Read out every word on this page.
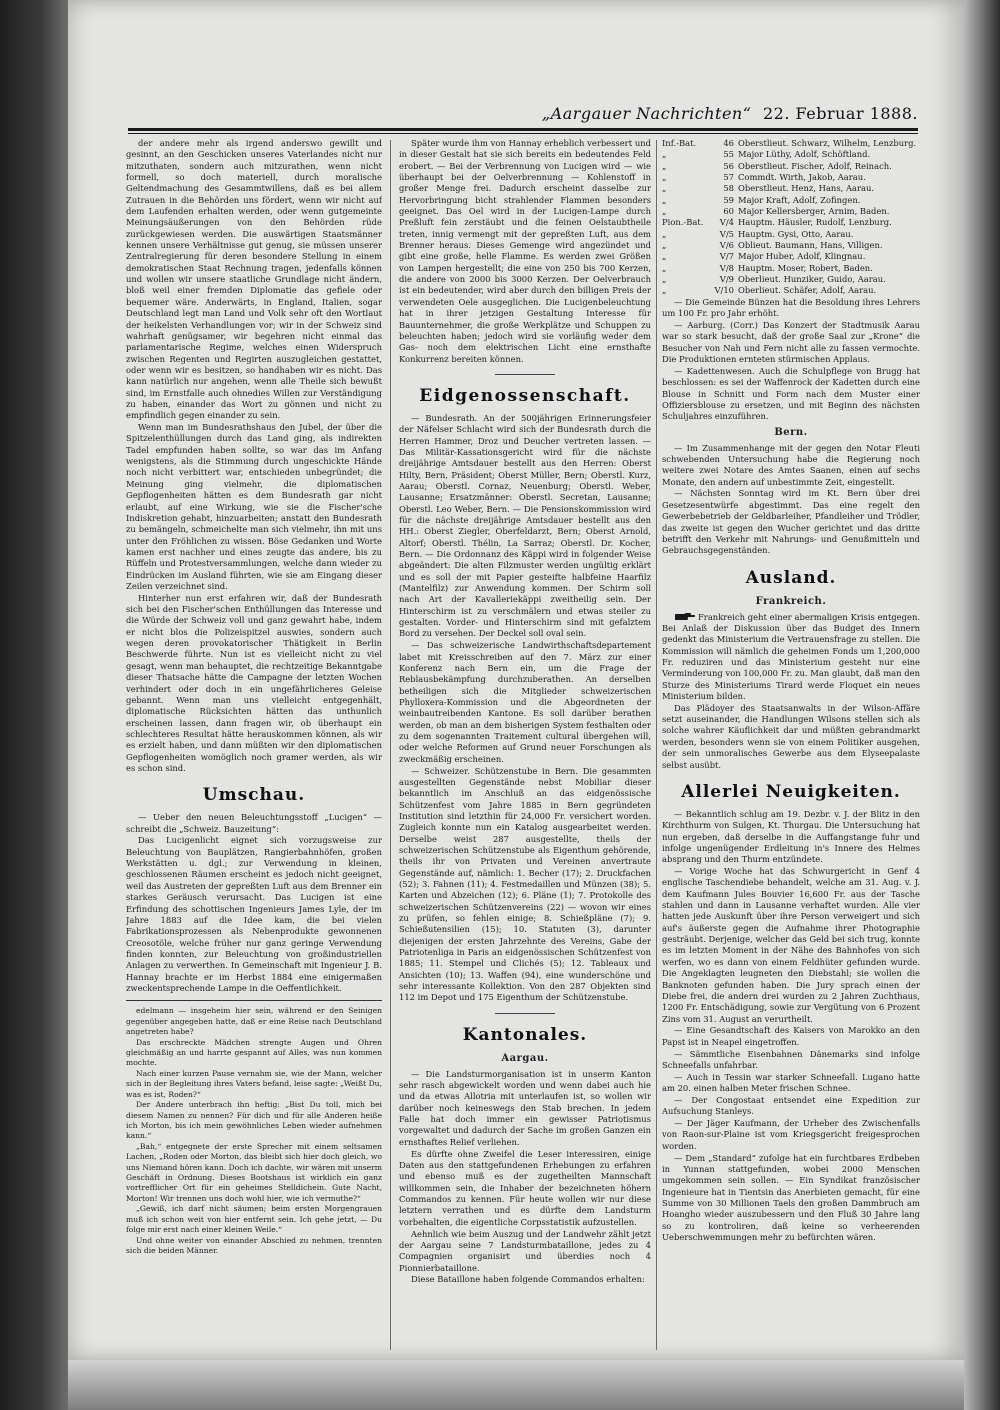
„Aargauer Nachrichten“ 22. Februar 1888.

der andere mehr als irgend anderswo gewillt und gesinnt, an den Geschicken unseres Vaterlandes nicht nur mitzuthaten, sondern auch mitzurathen, wenn nicht formell, so doch materiell, durch moralische Geltendmachung des Gesammtwillens, daß es bei allem Zutrauen in die Behörden uns fördert, wenn wir nicht auf dem Laufenden erhalten werden, oder wenn gutgemeinte Meinungsäußerungen von den Behörden rüde zurückgewiesen werden. Die auswärtigen Staatsmänner kennen unsere Verhältnisse gut genug, sie müssen unserer Zentralregierung für deren besondere Stellung in einem demokratischen Staat Rechnung tragen, jedenfalls können und wollen wir unsere staatliche Grundlage nicht ändern, bloß weil einer fremden Diplomatie das gefiele oder bequemer wäre. Anderwärts, in England, Italien, sogar Deutschland legt man Land und Volk sehr oft den Wortlaut der heikelsten Verhandlungen vor; wir in der Schweiz sind wahrhaft genügsamer, wir begehren nicht einmal das parlamentarische Regime, welches einen Widerspruch zwischen Regenten und Regirten auszugleichen gestattet, oder wenn wir es besitzen, so handhaben wir es nicht. Das kann natürlich nur angehen, wenn alle Theile sich bewußt sind, im Ernstfalle auch ohnedies Willen zur Verständigung zu haben, einander das Wort zu gönnen und nicht zu empfindlich gegen einander zu sein.

Wenn man im Bundesrathshaus den Jubel, der über die Spitzelenthüllungen durch das Land ging, als indirekten Tadel empfunden haben sollte, so war das im Anfang wenigstens, als die Stimmung durch ungeschickte Hände noch nicht verbittert war, entschieden unbegründet; die Meinung ging vielmehr, die diplomatischen Gepflogenheiten hätten es dem Bundesrath gar nicht erlaubt, auf eine Wirkung, wie sie die Fischer'sche Indiskretion gehabt, hinzuarbeiten; anstatt den Bundesrath zu bemängeln, schmeichelte man sich vielmehr, ihn mit uns unter den Fröhlichen zu wissen. Böse Gedanken und Worte kamen erst nachher und eines zeugte das andere, bis zu Rüffeln und Protestversammlungen, welche dann wieder zu Eindrücken im Ausland führten, wie sie am Eingang dieser Zeilen verzeichnet sind.

Hinterher nun erst erfahren wir, daß der Bundesrath sich bei den Fischer'schen Enthüllungen das Interesse und die Würde der Schweiz voll und ganz gewahrt habe, indem er nicht blos die Polizeispitzel auswies, sondern auch wegen deren provokatorischer Thätigkeit in Berlin Beschwerde führte. Nun ist es vielleicht nicht zu viel gesagt, wenn man behauptet, die rechtzeitige Bekanntgabe dieser Thatsache hätte die Campagne der letzten Wochen verhindert oder doch in ein ungefährlicheres Geleise gebannt. Wenn man uns vielleicht entgegenhält, diplomatische Rücksichten hätten das unthunlich erscheinen lassen, dann fragen wir, ob überhaupt ein schlechteres Resultat hätte herauskommen können, als wir es erzielt haben, und dann müßten wir den diplomatischen Gepflogenheiten womöglich noch gramer werden, als wir es schon sind.

Umschau.

— Ueber den neuen Beleuchtungsstoff „Lucigen“ — schreibt die „Schweiz. Bauzeitung“:

Das Lucigenlicht eignet sich vorzugsweise zur Beleuchtung von Bauplätzen, Rangierbahnhöfen, großen Werkstätten u. dgl.; zur Verwendung in kleinen, geschlossenen Räumen erscheint es jedoch nicht geeignet, weil das Austreten der gepreßten Luft aus dem Brenner ein starkes Geräusch verursacht. Das Lucigen ist eine Erfindung des schottischen Ingenieurs James Lyle, der im Jahre 1883 auf die Idee kam, die bei vielen Fabrikationsprozessen als Nebenprodukte gewonnenen Creosotöle, welche früher nur ganz geringe Verwendung finden konnten, zur Beleuchtung von großindustriellen Anlagen zu verwerthen. In Gemeinschaft mit Ingenieur J. B. Hannay brachte er im Herbst 1884 eine einigermaßen zweckentsprechende Lampe in die Oeffentlichkeit.

edelmann — insgeheim hier sein, während er den Seinigen gegenüber angegeben hatte, daß er eine Reise nach Deutschland angetreten habe?

Das erschreckte Mädchen strengte Augen und Ohren gleichmäßig an und harrte gespannt auf Alles, was nun kommen mochte.

Nach einer kurzen Pause vernahm sie, wie der Mann, welcher sich in der Begleitung ihres Vaters befand, leise sagte: „Weißt Du, was es ist, Roden?“

Der Andere unterbrach ihn heftig: „Bist Du toll, mich bei diesem Namen zu nennen? Für dich und für alle Anderen heiße ich Morton, bis ich mein gewöhnliches Leben wieder aufnehmen kann.“

„Bah,“ entgegnete der erste Sprecher mit einem seltsamen Lachen, „Roden oder Morton, das bleibt sich hier doch gleich, wo uns Niemand hören kann. Doch ich dachte, wir wären mit unserm Geschäft in Ordnung. Dieses Bootshaus ist wirklich ein ganz vortrefflicher Ort für ein geheimes Stelldichein. Gute Nacht, Morton! Wir trennen uns doch wohl hier, wie ich vermuthe?“

„Gewiß, ich darf nicht säumen; beim ersten Morgengrauen muß ich schon weit von hier entfernt sein. Ich gehe jetzt, — Du folge mir erst nach einer kleinen Weile.“

Und ohne weiter von einander Abschied zu nehmen, trennten sich die beiden Männer.

Später wurde ihm von Hannay erheblich verbessert und in dieser Gestalt hat sie sich bereits ein bedeutendes Feld erobert. — Bei der Verbrennung von Lucigen wird — wie überhaupt bei der Oelverbrennung — Kohlenstoff in großer Menge frei. Dadurch erscheint dasselbe zur Hervorbringung bicht strahlender Flammen besonders geeignet. Das Oel wird in der Lucigen-Lampe durch Preßluft fein zerstäubt und die feinen Oelstaubtheile treten, innig vermengt mit der gepreßten Luft, aus dem Brenner heraus. Dieses Gemenge wird angezündet und gibt eine große, helle Flamme. Es werden zwei Größen von Lampen hergestellt; die eine von 250 bis 700 Kerzen, die andere von 2000 bis 3000 Kerzen. Der Oelverbrauch ist ein bedeutender, wird aber durch den billigen Preis der verwendeten Oele ausgeglichen. Die Lucigenbeleuchtung hat in ihrer jetzigen Gestaltung Interesse für Bauunternehmer, die große Werkplätze und Schuppen zu beleuchten haben; jedoch wird sie vorläufig weder dem Gas- noch dem elektrischen Licht eine ernsthafte Konkurrenz bereiten können.

Eidgenossenschaft.

— Bundesrath. An der 500jährigen Erinnerungsfeier der Näfelser Schlacht wird sich der Bundesrath durch die Herren Hammer, Droz und Deucher vertreten lassen. — Das Militär-Kassationsgericht wird für die nächste dreijährige Amtsdauer bestellt aus den Herren: Oberst Hilty, Bern, Präsident; Oberst Müller, Bern; Oberstl. Kurz, Aarau; Oberstl. Cornaz, Neuenburg; Oberstl. Weber, Lausanne; Ersatzmänner: Oberstl. Secretan, Lausanne; Oberstl. Leo Weber, Bern. — Die Pensionskommission wird für die nächste dreijährige Amtsdauer bestellt aus den HH.: Oberst Ziegler, Oberfeldarzt, Bern; Oberst Arnold, Altorf; Oberstl. Thélin, La Sarraz; Oberstl. Dr. Kocher, Bern. — Die Ordonnanz des Käppi wird in folgender Weise abgeändert: Die alten Filzmuster werden ungültig erklärt und es soll der mit Papier gesteifte halbfeine Haarfilz (Mantelfilz) zur Anwendung kommen. Der Schirm soll nach Art der Kavalleriekäppi zweitheilig sein. Der Hinterschirm ist zu verschmälern und etwas steiler zu gestalten. Vorder- und Hinterschirm sind mit gefalztem Bord zu versehen. Der Deckel soll oval sein.

— Das schweizerische Landwirthschaftsdepartement labet mit Kreisschreiben auf den 7. März zur einer Konferenz nach Bern ein, um die Frage der Reblausbekämpfung durchzuberathen. An derselben betheiligen sich die Mitglieder schweizerischen Phylloxera-Kommission und die Abgeordneten der weinbautreibenden Kantone. Es soll darüber berathen werden, ob man an dem bisherigen System festhalten oder zu dem sogenannten Traitement cultural übergehen will, oder welche Reformen auf Grund neuer Forschungen als zweckmäßig erscheinen.

— Schweizer. Schützenstube in Bern. Die gesammten ausgestellten Gegenstände nebst Mobiliar dieser bekanntlich im Anschluß an das eidgenössische Schützenfest vom Jahre 1885 in Bern gegründeten Institution sind letzthin für 24,000 Fr. versichert worden. Zugleich konnte nun ein Katalog ausgearbeitet werden. Derselbe weist 287 ausgestellte, theils der schweizerischen Schützenstube als Eigenthum gehörende, theils ihr von Privaten und Vereinen anvertraute Gegenstände auf, nämlich: 1. Becher (17); 2. Druckfachen (52); 3. Fahnen (11); 4. Festmedaillen und Münzen (38); 5. Karten und Abzeichen (12); 6. Pläne (1); 7. Protokolle des schweizerischen Schützenvereins (22) — wovon wir eines zu prüfen, so fehlen einige; 8. Schießpläne (7); 9. Schießutensilien (15); 10. Statuten (3), darunter diejenigen der ersten Jahrzehnte des Vereins, Gabe der Patriotenliga in Paris an eidgenössischen Schützenfest von 1885; 11. Stempel und Clichés (5); 12. Tableaux und Ansichten (10); 13. Waffen (94), eine wunderschöne und sehr interessante Kollektion. Von den 287 Objekten sind 112 im Depot und 175 Eigenthum der Schützenstube.

Kantonales.
Aargau.

— Die Landsturmorganisation ist in unserm Kanton sehr rasch abgewickelt worden und wenn dabei auch hie und da etwas Allotria mit unterlaufen ist, so wollen wir darüber noch keineswegs den Stab brechen. In jedem Falle hat doch immer ein gewisser Patriotismus vorgewaltet und dadurch der Sache im großen Ganzen ein ernsthaftes Relief verliehen.

Es dürfte ohne Zweifel die Leser interessiren, einige Daten aus den stattgefundenen Erhebungen zu erfahren und ebenso muß es der zugetheilten Mannschaft willkommen sein, die Inhaber der bezeichneten höhern Commandos zu kennen. Für heute wollen wir nur diese letztern verrathen und es dürfte dem Landsturm vorbehalten, die eigentliche Corpsstatistik aufzustellen.

Aehnlich wie beim Auszug und der Landwehr zählt jetzt der Aargau seine 7 Landsturmbataillone, jedes zu 4 Compagnien organisirt und überdies noch 4 Pionnierbataillone.

Diese Bataillone haben folgende Commandos erhalten:

Inf.-Bat.	46 Oberstlieut. Schwarz, Wilhelm, Lenzburg.
„	55 Major Lüthy, Adolf, Schöftland.
„	56 Oberstlieut. Fischer, Adolf, Reinach.
„	57 Commdt. Wirth, Jakob, Aarau.
„	58 Oberstlieut. Henz, Hans, Aarau.
„	59 Major Kraft, Adolf, Zofingen.
„	60 Major Kellersberger, Arnim, Baden.
Pion.-Bat.	V/4 Hauptm. Häusler, Rudolf, Lenzburg.
„	V/5 Hauptm. Gysi, Otto, Aarau.
„	V/6 Oblieut. Baumann, Hans, Villigen.
„	V/7 Major Huber, Adolf, Klingnau.
„	V/8 Hauptm. Moser, Robert, Baden.
„	V/9 Oberlieut. Hunziker, Guido, Aarau.
„	V/10 Oberlieut. Schäfer, Adolf, Aarau.

— Die Gemeinde Bünzen hat die Besoldung ihres Lehrers um 100 Fr. pro Jahr erhöht.

— Aarburg. (Corr.) Das Konzert der Stadtmusik Aarau war so stark besucht, daß der große Saal zur „Krone“ die Besucher von Nah und Fern nicht alle zu fassen vermochte. Die Produktionen ernteten stürmischen Applaus.

— Kadettenwesen. Auch die Schulpflege von Brugg hat beschlossen: es sei der Waffenrock der Kadetten durch eine Blouse in Schnitt und Form nach dem Muster einer Offiziersblouse zu ersetzen, und mit Beginn des nächsten Schuljahres einzuführen.

Bern.

— Im Zusammenhange mit der gegen den Notar Fleuti schwebenden Untersuchung habe die Regierung noch weitere zwei Notare des Amtes Saanen, einen auf sechs Monate, den andern auf unbestimmte Zeit, eingestellt.

— Nächsten Sonntag wird im Kt. Bern über drei Gesetzesentwürfe abgestimmt. Das eine regelt den Gewerbebetrieb der Geldbarleiher, Pfandleiher und Trödler, das zweite ist gegen den Wucher gerichtet und das dritte betrifft den Verkehr mit Nahrungs- und Genußmitteln und Gebrauchsgegenständen.

Ausland.
Frankreich.

Frankreich geht einer abermaligen Krisis entgegen. Bei Anlaß der Diskussion über das Budget des Innern gedenkt das Ministerium die Vertrauensfrage zu stellen. Die Kommission will nämlich die geheimen Fonds um 1,200,000 Fr. reduziren und das Ministerium gesteht nur eine Verminderung von 100,000 Fr. zu. Man glaubt, daß man den Sturze des Ministeriums Tirard werde Floquet ein neues Ministerium bilden.

Das Plädoyer des Staatsanwalts in der Wilson-Affäre setzt auseinander, die Handlungen Wilsons stellen sich als solche wahrer Käuflichkeit dar und müßten gebrandmarkt werden, besonders wenn sie von einem Politiker ausgehen, der sein unmoralisches Gewerbe aus dem Elyseepalaste selbst ausübt.

Allerlei Neuigkeiten.

— Bekanntlich schlug am 19. Dezbr. v. J. der Blitz in den Kirchthurm von Sulgen, Kt. Thurgau. Die Untersuchung hat nun ergeben, daß derselbe in die Auffangstange fuhr und infolge ungenügender Erdleitung in's Innere des Helmes absprang und den Thurm entzündete.

— Vorige Woche hat das Schwurgericht in Genf 4 englische Taschendiebe behandelt, welche am 31. Aug. v. J. dem Kaufmann Jules Bouvier 16,600 Fr. aus der Tasche stahlen und dann in Lausanne verhaftet wurden. Alle vier hatten jede Auskunft über ihre Person verweigert und sich auf's äußerste gegen die Aufnahme ihrer Photographie gesträubt. Derjenige, welcher das Geld bei sich trug, konnte es im letzten Moment in der Nähe des Bahnhofes von sich werfen, wo es dann von einem Feldhüter gefunden wurde. Die Angeklagten leugneten den Diebstahl; sie wollen die Banknoten gefunden haben. Die Jury sprach einen der Diebe frei, die andern drei wurden zu 2 Jahren Zuchthaus, 1200 Fr. Entschädigung, sowie zur Vergütung von 6 Prozent Zins vom 31. August an verurtheilt.

— Eine Gesandtschaft des Kaisers von Marokko an den Papst ist in Neapel eingetroffen.

— Sämmtliche Eisenbahnen Dänemarks sind infolge Schneefalls unfahrbar.

— Auch in Tessin war starker Schneefall. Lugano hatte am 20. einen halben Meter frischen Schnee.

— Der Congostaat entsendet eine Expedition zur Aufsuchung Stanleys.

— Der Jäger Kaufmann, der Urheber des Zwischenfalls von Raon-sur-Plaine ist vom Kriegsgericht freigesprochen worden.

— Dem „Standard“ zufolge hat ein furchtbares Erdbeben in Yunnan stattgefunden, wobei 2000 Menschen umgekommen sein sollen. — Ein Syndikat französischer Ingenieure hat in Tientsin das Anerbieten gemacht, für eine Summe von 30 Millionen Taels den großen Dammbruch am Hoangho wieder auszubessern und den Fluß 30 Jahre lang so zu kontroliren, daß keine so verheerenden Ueberschwemmungen mehr zu befürchten wären.
